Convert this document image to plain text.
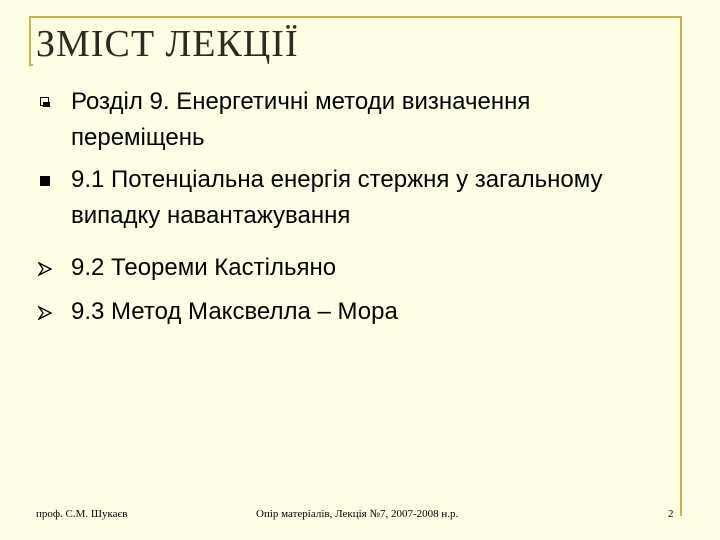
ЗМІСТ ЛЕКЦІЇ
Розділ 9. Енергетичні методи визначення переміщень
9.1 Потенціальна енергія стержня у загальному випадку навантажування
9.2 Теореми Кастільяно
9.3 Метод Максвелла – Мора
проф. С.М. Шукаєв	Опір матеріалів, Лекція №7, 2007-2008 н.р.	2
